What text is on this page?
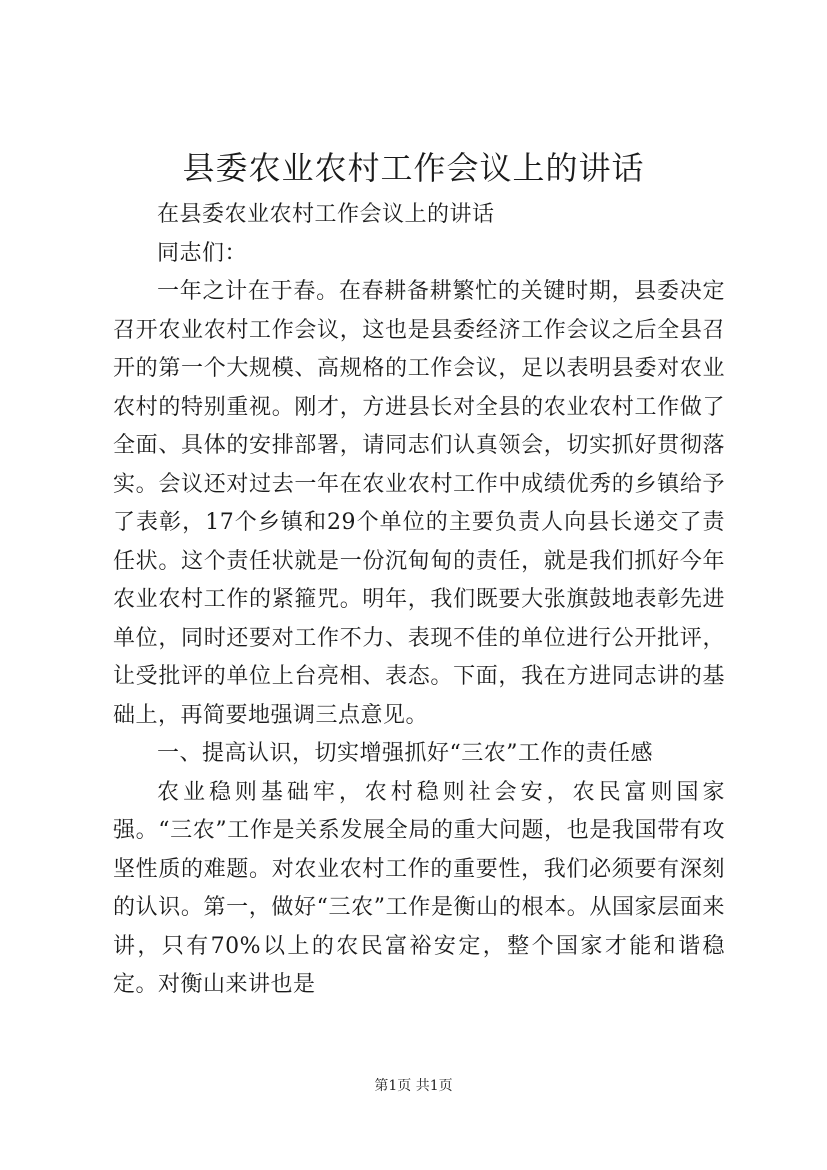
县委农业农村工作会议上的讲话

在县委农业农村工作会议上的讲话

同志们：

一年之计在于春。在春耕备耕繁忙的关键时期，县委决定召开农业农村工作会议，这也是县委经济工作会议之后全县召开的第一个大规模、高规格的工作会议，足以表明县委对农业农村的特别重视。刚才，方进县长对全县的农业农村工作做了全面、具体的安排部署，请同志们认真领会，切实抓好贯彻落实。会议还对过去一年在农业农村工作中成绩优秀的乡镇给予了表彰，17个乡镇和29个单位的主要负责人向县长递交了责任状。这个责任状就是一份沉甸甸的责任，就是我们抓好今年农业农村工作的紧箍咒。明年，我们既要大张旗鼓地表彰先进单位，同时还要对工作不力、表现不佳的单位进行公开批评，让受批评的单位上台亮相、表态。下面，我在方进同志讲的基础上，再简要地强调三点意见。

一、提高认识，切实增强抓好“三农”工作的责任感

农业稳则基础牢，农村稳则社会安，农民富则国家强。“三农”工作是关系发展全局的重大问题，也是我国带有攻坚性质的难题。对农业农村工作的重要性，我们必须要有深刻的认识。第一，做好“三农”工作是衡山的根本。从国家层面来讲，只有70%以上的农民富裕安定，整个国家才能和谐稳定。对衡山来讲也是

第1页 共1页
